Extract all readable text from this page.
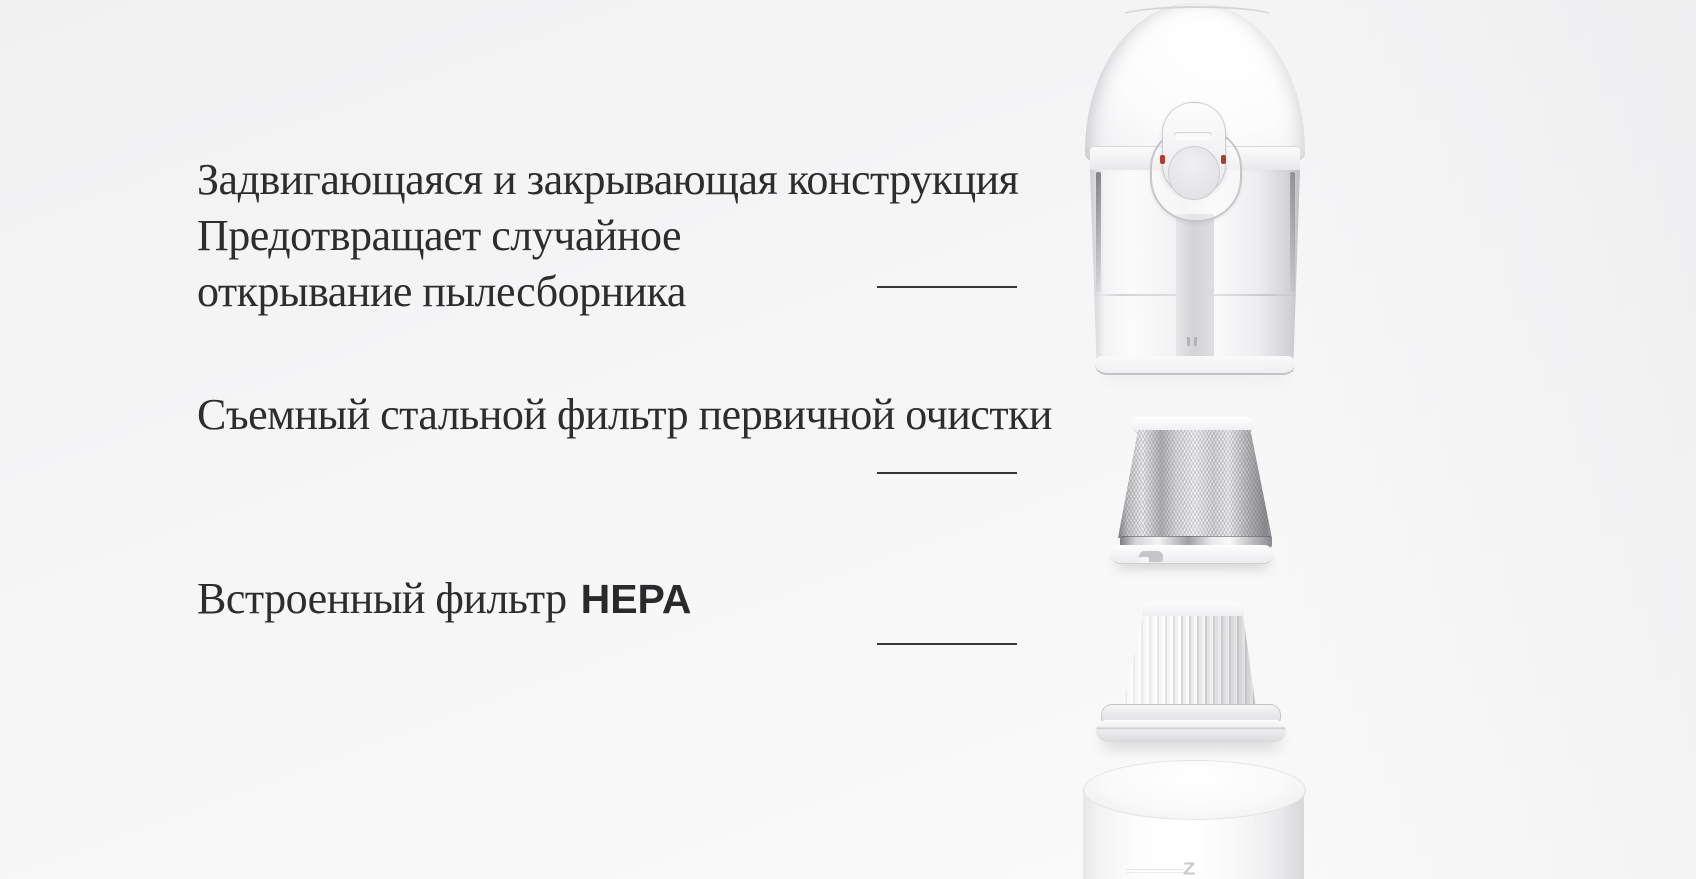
Задвигающаяся и закрывающая конструкция
Предотвращает случайное
открывание пылесборника
Съемный стальной фильтр первичной очистки
Встроенный фильтр HEPA
Z
